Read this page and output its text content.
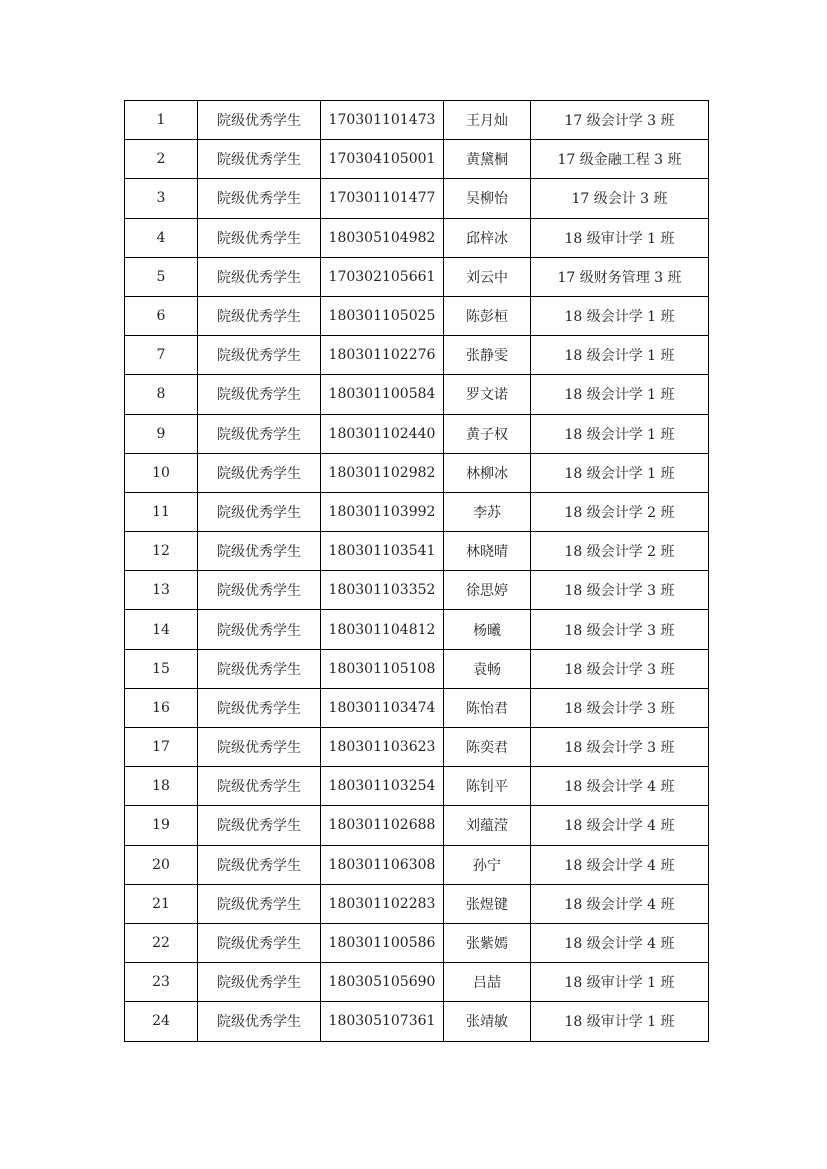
1	院级优秀学生	170301101473	王月灿	17 级会计学 3 班
2	院级优秀学生	170304105001	黄黛桐	17 级金融工程 3 班
3	院级优秀学生	170301101477	吴柳怡	17 级会计 3 班
4	院级优秀学生	180305104982	邱梓冰	18 级审计学 1 班
5	院级优秀学生	170302105661	刘云中	17 级财务管理 3 班
6	院级优秀学生	180301105025	陈彭桓	18 级会计学 1 班
7	院级优秀学生	180301102276	张静雯	18 级会计学 1 班
8	院级优秀学生	180301100584	罗文诺	18 级会计学 1 班
9	院级优秀学生	180301102440	黄子权	18 级会计学 1 班
10	院级优秀学生	180301102982	林柳冰	18 级会计学 1 班
11	院级优秀学生	180301103992	李苏	18 级会计学 2 班
12	院级优秀学生	180301103541	林晓晴	18 级会计学 2 班
13	院级优秀学生	180301103352	徐思婷	18 级会计学 3 班
14	院级优秀学生	180301104812	杨曦	18 级会计学 3 班
15	院级优秀学生	180301105108	袁畅	18 级会计学 3 班
16	院级优秀学生	180301103474	陈怡君	18 级会计学 3 班
17	院级优秀学生	180301103623	陈奕君	18 级会计学 3 班
18	院级优秀学生	180301103254	陈钊平	18 级会计学 4 班
19	院级优秀学生	180301102688	刘蕴滢	18 级会计学 4 班
20	院级优秀学生	180301106308	孙宁	18 级会计学 4 班
21	院级优秀学生	180301102283	张煜键	18 级会计学 4 班
22	院级优秀学生	180301100586	张紫嫣	18 级会计学 4 班
23	院级优秀学生	180305105690	吕喆	18 级审计学 1 班
24	院级优秀学生	180305107361	张靖敏	18 级审计学 1 班
